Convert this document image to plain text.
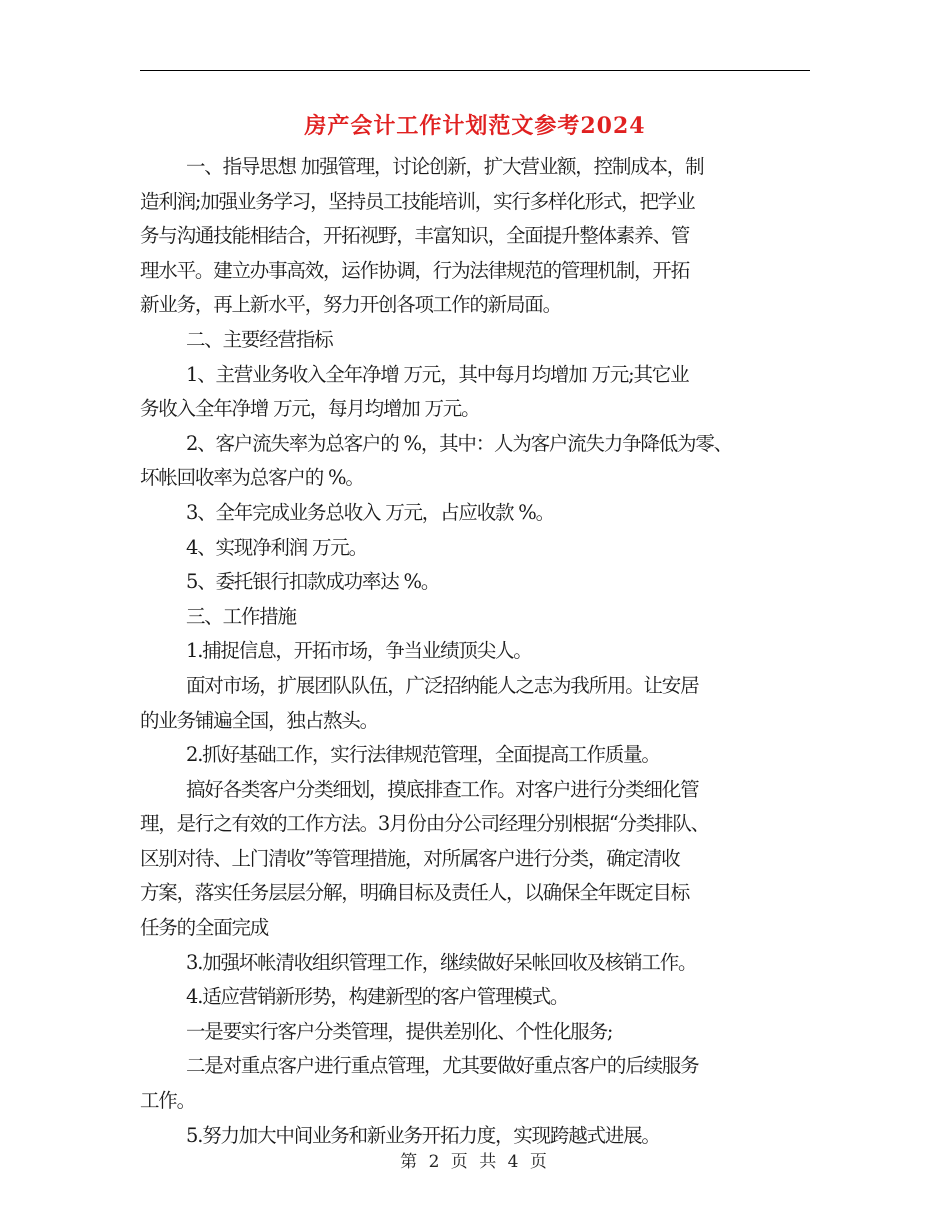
房产会计工作计划范文参考2024
一、指导思想 加强管理，讨论创新，扩大营业额，控制成本，制
造利润;加强业务学习，坚持员工技能培训，实行多样化形式，把学业
务与沟通技能相结合，开拓视野，丰富知识，全面提升整体素养、管
理水平。建立办事高效，运作协调，行为法律规范的管理机制，开拓
新业务，再上新水平，努力开创各项工作的新局面。
二、主要经营指标
1、主营业务收入全年净增 万元，其中每月均增加 万元;其它业
务收入全年净增 万元，每月均增加 万元。
2、客户流失率为总客户的 %，其中：人为客户流失力争降低为零、
坏帐回收率为总客户的 %。
3、全年完成业务总收入 万元，占应收款 %。
4、实现净利润 万元。
5、委托银行扣款成功率达 %。
三、工作措施
1.捕捉信息，开拓市场，争当业绩顶尖人。
面对市场，扩展团队队伍，广泛招纳能人之志为我所用。让安居
的业务铺遍全国，独占熬头。
2.抓好基础工作，实行法律规范管理，全面提高工作质量。
搞好各类客户分类细划，摸底排查工作。对客户进行分类细化管
理，是行之有效的工作方法。3月份由分公司经理分别根据“分类排队、
区别对待、上门清收”等管理措施，对所属客户进行分类，确定清收
方案，落实任务层层分解，明确目标及责任人，以确保全年既定目标
任务的全面完成
3.加强坏帐清收组织管理工作，继续做好呆帐回收及核销工作。
4.适应营销新形势，构建新型的客户管理模式。
一是要实行客户分类管理，提供差别化、个性化服务;
二是对重点客户进行重点管理，尤其要做好重点客户的后续服务
工作。
5.努力加大中间业务和新业务开拓力度，实现跨越式进展。
第 2 页 共 4 页
